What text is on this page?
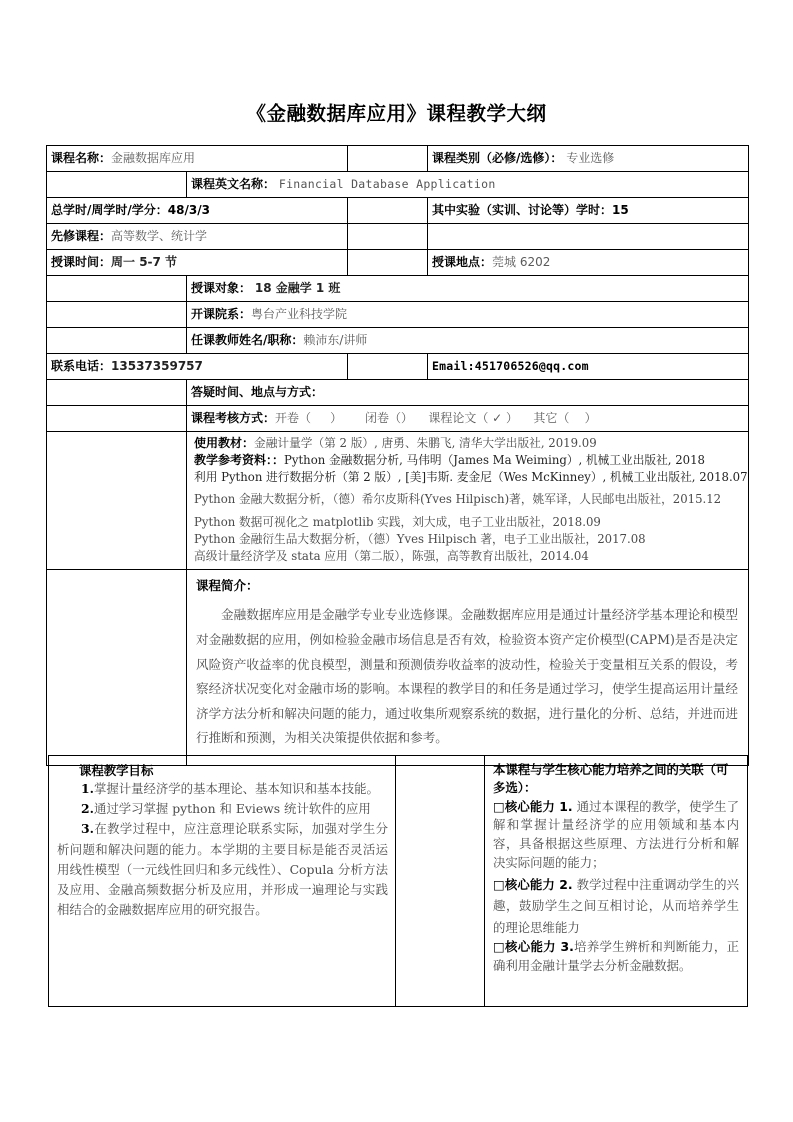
《金融数据库应用》课程教学大纲
课程名称：金融数据库应用			课程类别（必修/选修）： 专业选修
	课程英文名称： Financial Database Application		
总学时/周学时/学分：48/3/3			其中实验（实训、讨论等）学时：15
先修课程：高等数学、统计学			
授课时间：周一 5-7 节			授课地点：莞城 6202
	授课对象： 18 金融学 1 班		
	开课院系：粤台产业科技学院		
	任课教师姓名/职称：赖沛东/讲师		
联系电话：13537359757			Email:451706526@qq.com
	答疑时间、地点与方式：		
	课程考核方式：开卷（     ） 闭卷（） 课程论文（ ✓ ） 其它（    ）		

使用教材：金融计量学（第 2 版）, 唐勇、朱鹏飞, 清华大学出版社, 2019.09
教学参考资料：：Python 金融数据分析, 马伟明（James Ma Weiming）, 机械工业出版社, 2018
利用 Python 进行数据分析（第 2 版）, [美]韦斯. 麦金尼（Wes McKinney）, 机械工业出版社, 2018.07
Python 金融大数据分析，（德）希尔皮斯科(Yves Hilpisch)著，姚军译，人民邮电出版社，2015.12
Python 数据可视化之 matplotlib 实践，刘大成，电子工业出版社，2018.09
Python 金融衍生品大数据分析，（德）Yves Hilpisch 著，电子工业出版社，2017.08
高级计量经济学及 stata 应用（第二版），陈强，高等教育出版社，2014.04

	课程简介：
金融数据库应用是金融学专业专业选修课。金融数据库应用是通过计量经济学基本理论和模型对金融数据的应用，例如检验金融市场信息是否有效，检验资本资产定价模型(CAPM)是否是决定风险资产收益率的优良模型，测量和预测债券收益率的波动性，检验关于变量相互关系的假设，考察经济状况变化对金融市场的影响。本课程的教学目的和任务是通过学习，使学生提高运用计量经济学方法分析和解决问题的能力，通过收集所观察系统的数据，进行量化的分析、总结，并进而进行推断和预测，为相关决策提供依据和参考。		
课程教学目标
1.掌握计量经济学的基本理论、基本知识和基本技能。
2.通过学习掌握 python 和 Eviews 统计软件的应用
3.在教学过程中，应注意理论联系实际，加强对学生分析问题和解决问题的能力。本学期的主要目标是能否灵活运用线性模型（一元线性回归和多元线性）、Copula 分析方法及应用、金融高频数据分析及应用，并形成一遍理论与实践相结合的金融数据库应用的研究报告。
本课程与学生核心能力培养之间的关联（可多选）：
□核心能力 1. 通过本课程的教学，使学生了解和掌握计量经济学的应用领域和基本内容，具备根据这些原理、方法进行分析和解决实际问题的能力；
□核心能力 2. 教学过程中注重调动学生的兴趣，鼓励学生之间互相讨论，从而培养学生的理论思维能力
□核心能力 3.培养学生辨析和判断能力，正确利用金融计量学去分析金融数据。
